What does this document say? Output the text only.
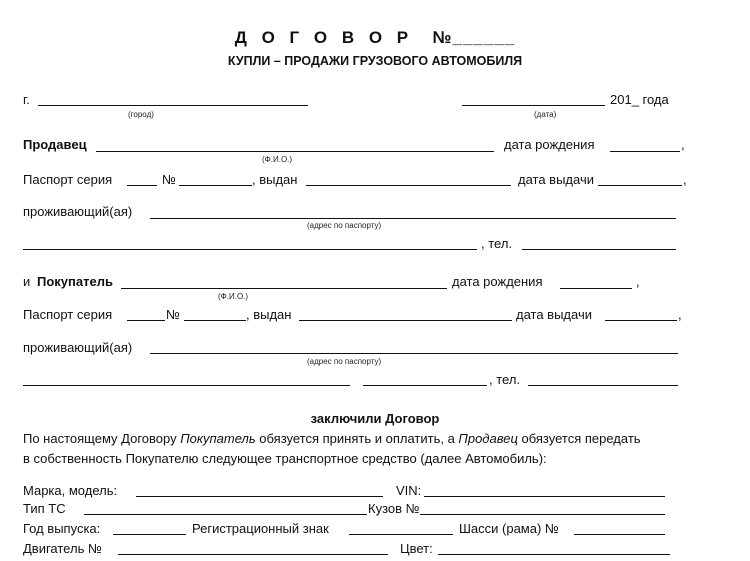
Д О Г О В О Р №______
КУПЛИ – ПРОДАЖИ ГРУЗОВОГО АВТОМОБИЛЯ
г.
(город)
201_ года
(дата)
Продавец
(Ф.И.О.)
дата рождения	,
Паспорт серия	№	, выдан	дата выдачи	,
проживающий(ая)
(адрес по паспорту)
, тел.
и Покупатель
(Ф.И.О.)
дата рождения	,
Паспорт серия	№	, выдан	дата выдачи	,
проживающий(ая)
(адрес по паспорту)
, тел.
заключили Договор
По настоящему Договору Покупатель обязуется принять и оплатить, а Продавец обязуется передать
в собственность Покупателю следующее транспортное средство (далее Автомобиль):
Марка, модель:	VIN:
Тип ТС	Кузов №
Год выпуска:	Регистрационный знак	Шасси (рама) №
Двигатель №	Цвет:
